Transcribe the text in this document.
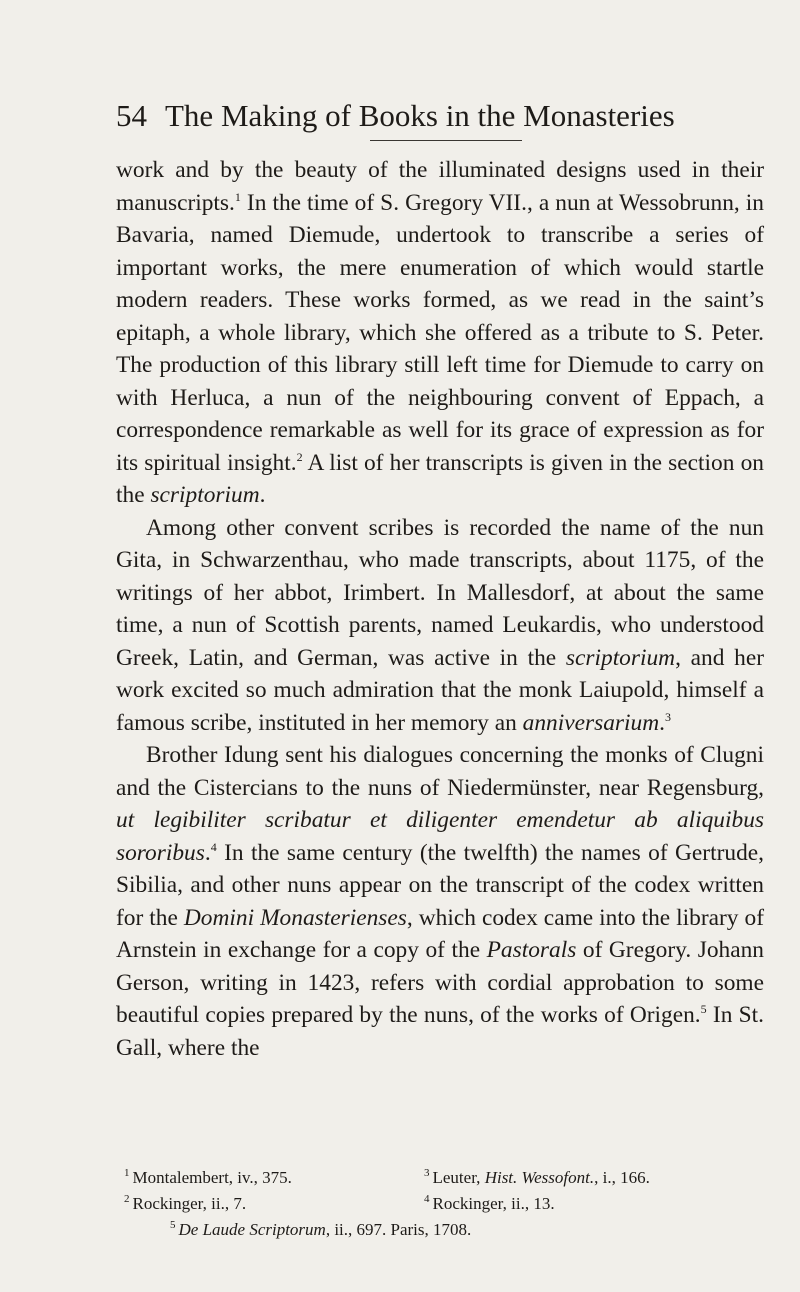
54 The Making of Books in the Monasteries

work and by the beauty of the illuminated designs used in their manuscripts.$^1$ In the time of S. Gregory VII., a nun at Wessobrunn, in Bavaria, named Diemude, undertook to transcribe a series of important works, the mere enumeration of which would startle modern readers. These works formed, as we read in the saint’s epitaph, a whole library, which she offered as a tribute to S. Peter. The production of this library still left time for Diemude to carry on with Herluca, a nun of the neighbouring convent of Eppach, a correspondence remarkable as well for its grace of expression as for its spiritual insight.$^2$ A list of her transcripts is given in the section on the scriptorium.

Among other convent scribes is recorded the name of the nun Gita, in Schwarzenthau, who made transcripts, about 1175, of the writings of her abbot, Irimbert. In Mallesdorf, at about the same time, a nun of Scottish parents, named Leukardis, who understood Greek, Latin, and German, was active in the scriptorium, and her work excited so much admiration that the monk Laiupold, himself a famous scribe, instituted in her memory an anniversarium.$^3$

Brother Idung sent his dialogues concerning the monks of Clugni and the Cistercians to the nuns of Niedermünster, near Regensburg, ut legibiliter scribatur et diligenter emendetur ab aliquibus sororibus.$^4$ In the same century (the twelfth) the names of Gertrude, Sibilia, and other nuns appear on the transcript of the codex written for the Domini Monasterienses, which codex came into the library of Arnstein in exchange for a copy of the Pastorals of Gregory. Johann Gerson, writing in 1423, refers with cordial approbation to some beautiful copies prepared by the nuns, of the works of Origen.$^5$ In St. Gall, where the

$^1$ Montalembert, iv., 375.	$^3$ Leuter, Hist. Wessofont., i., 166.
$^2$ Rockinger, ii., 7.	$^4$ Rockinger, ii., 13.
$^5$ De Laude Scriptorum, ii., 697. Paris, 1708.
